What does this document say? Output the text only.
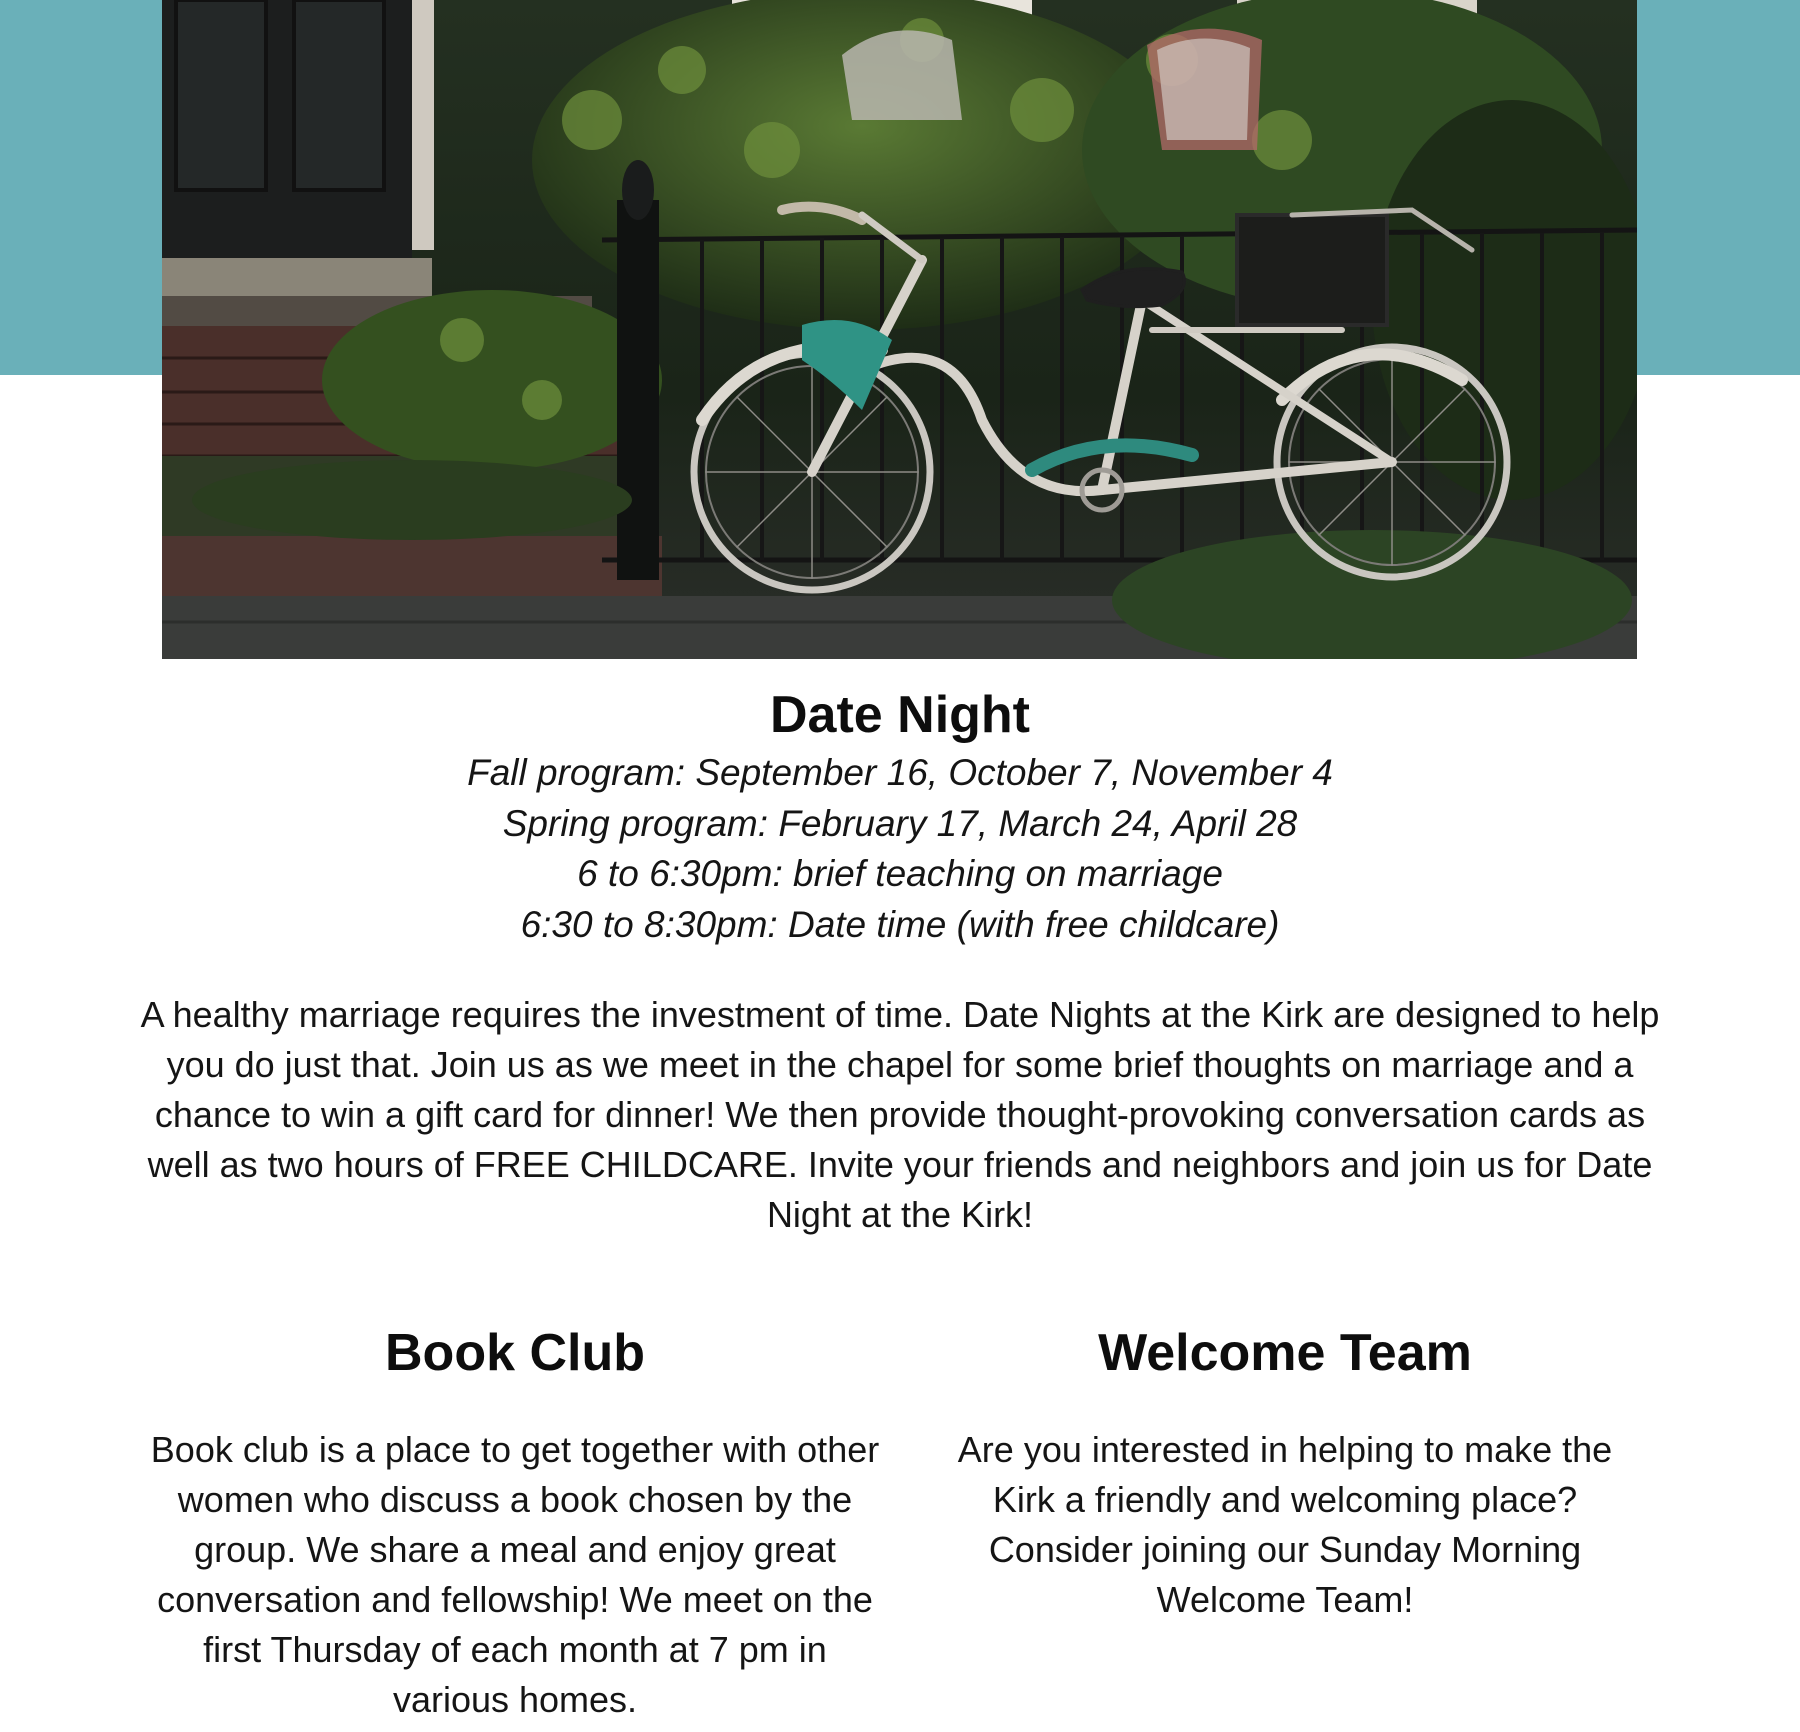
Date Night
Fall program: September 16, October 7, November 4
Spring program: February 17, March 24, April 28
6 to 6:30pm: brief teaching on marriage
6:30 to 8:30pm: Date time (with free childcare)

A healthy marriage requires the investment of time. Date Nights at the Kirk are designed to help you do just that. Join us as we meet in the chapel for some brief thoughts on marriage and a chance to win a gift card for dinner! We then provide thought-provoking conversation cards as well as two hours of FREE CHILDCARE. Invite your friends and neighbors and join us for Date Night at the Kirk!

Book Club	Welcome Team

Book club is a place to get together with other women who discuss a book chosen by the group. We share a meal and enjoy great conversation and fellowship! We meet on the first Thursday of each month at 7 pm in various homes.

Are you interested in helping to make the Kirk a friendly and welcoming place? Consider joining our Sunday Morning Welcome Team!
